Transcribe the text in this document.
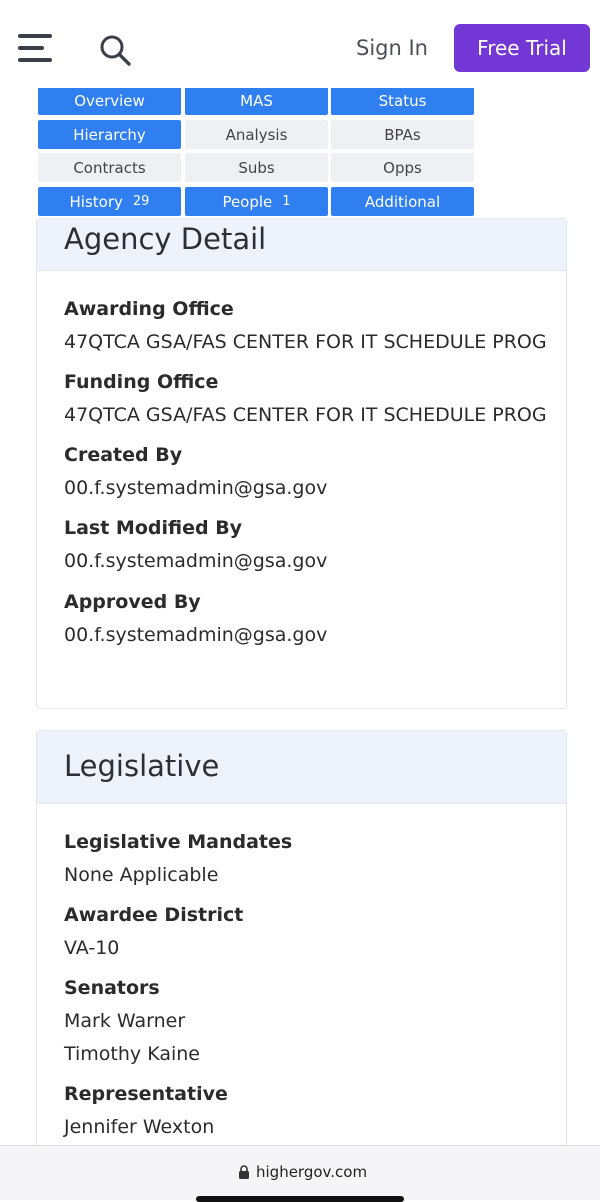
Sign In	Free Trial
Overview	MAS	Status
Hierarchy	Analysis	BPAs
Contracts	Subs	Opps
History 29	People 1	Additional
Agency Detail
Awarding Office
47QTCA GSA/FAS CENTER FOR IT SCHEDULE PROG
Funding Office
47QTCA GSA/FAS CENTER FOR IT SCHEDULE PROG
Created By
00.f.systemadmin@gsa.gov
Last Modified By
00.f.systemadmin@gsa.gov
Approved By
00.f.systemadmin@gsa.gov
Legislative
Legislative Mandates
None Applicable
Awardee District
VA-10
Senators
Mark Warner
Timothy Kaine
Representative
Jennifer Wexton
highergov.com
